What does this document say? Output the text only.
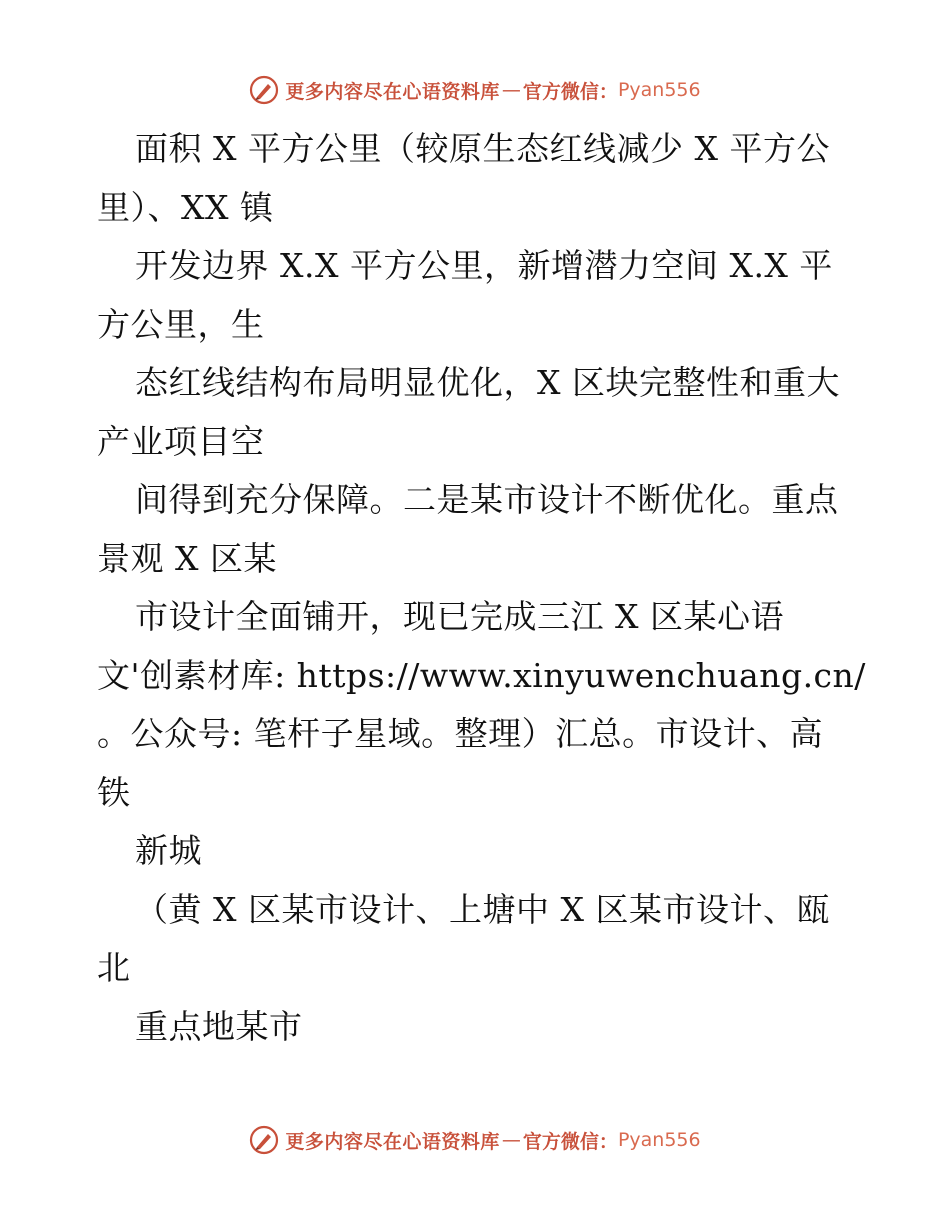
更多内容尽在心语资料库 — 官方微信： Pyan556
面积 X 平方公里（较原生态红线减少 X 平方公
里）、XX 镇
开发边界 X.X 平方公里，新增潜力空间 X.X 平
方公里，生
态红线结构布局明显优化，X 区块完整性和重大
产业项目空
间得到充分保障。二是某市设计不断优化。重点
景观 X 区某
市设计全面铺开，现已完成三江 X 区某心语
文'创素材库: https://www.xinyuwenchuang.cn/
。公众号: 笔杆子星域。整理）汇总。市设计、高
铁
新城
（黄 X 区某市设计、上塘中 X 区某市设计、瓯
北
重点地某市
更多内容尽在心语资料库 — 官方微信： Pyan556
